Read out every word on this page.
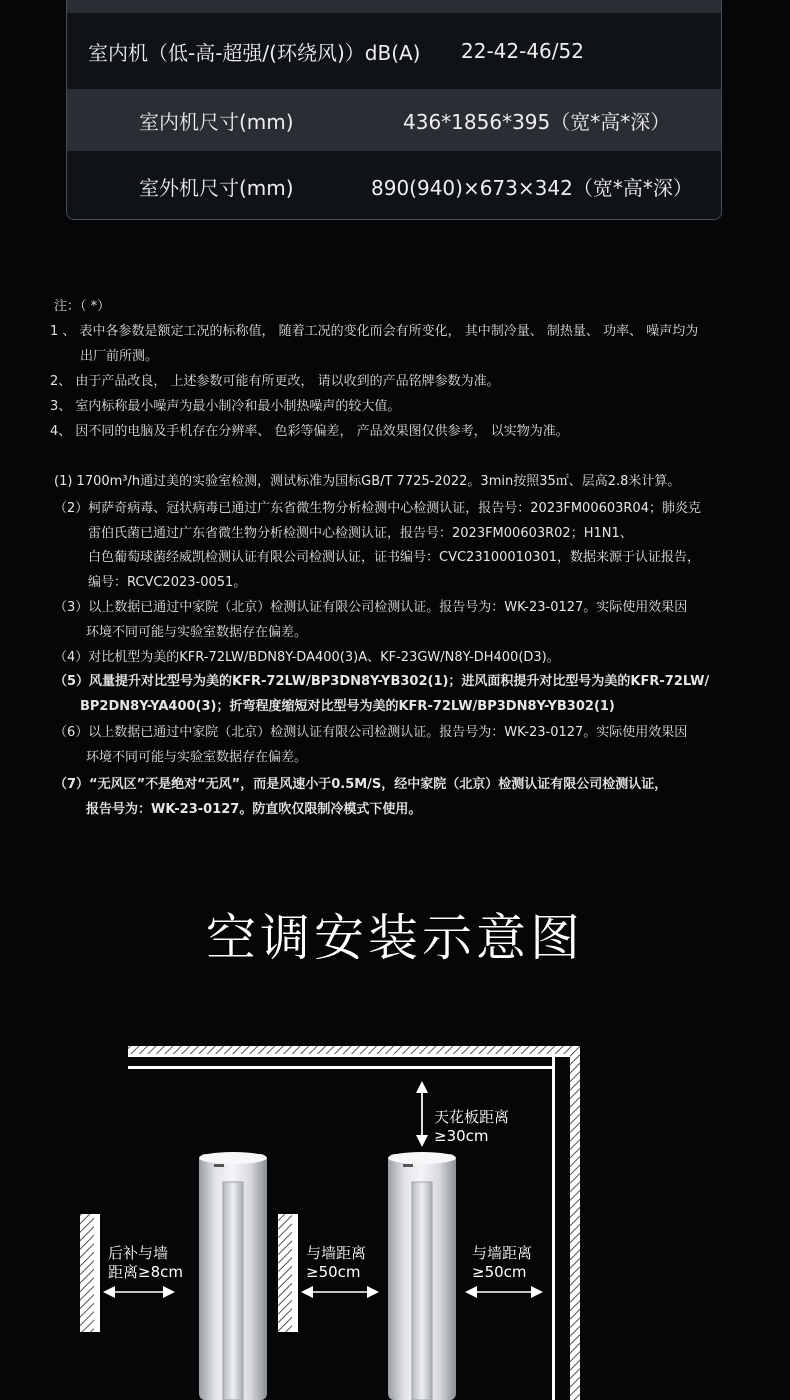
室内机（低-高-超强/(环绕风)）dB(A) 22-42-46/52
室内机尺寸(mm)	436*1856*395（宽*高*深）
室外机尺寸(mm)	890(940)×673×342（宽*高*深）
注：（ *）
1 、 表中各参数是额定工况的标称值， 随着工况的变化而会有所变化， 其中制冷量、 制热量、 功率、 噪声均为
出厂前所测。
2、 由于产品改良， 上述参数可能有所更改， 请以收到的产品铭牌参数为准。
3、 室内标称最小噪声为最小制冷和最小制热噪声的较大值。
4、 因不同的电脑及手机存在分辨率、 色彩等偏差， 产品效果图仅供参考， 以实物为准。
(1) 1700m³/h通过美的实验室检测，测试标准为国标GB/T 7725-2022。3min按照35㎡、层高2.8米计算。
（2）柯萨奇病毒、冠状病毒已通过广东省微生物分析检测中心检测认证，报告号：2023FM00603R04；肺炎克
雷伯氏菌已通过广东省微生物分析检测中心检测认证，报告号：2023FM00603R02；H1N1、
白色葡萄球菌经威凯检测认证有限公司检测认证，证书编号：CVC23100010301，数据来源于认证报告，
编号：RCVC2023-0051。
（3）以上数据已通过中家院（北京）检测认证有限公司检测认证。报告号为：WK-23-0127。实际使用效果因
环境不同可能与实验室数据存在偏差。
（4）对比机型为美的KFR-72LW/BDN8Y-DA400(3)A、KF-23GW/N8Y-DH400(D3)。
（5）风量提升对比型号为美的KFR-72LW/BP3DN8Y-YB302(1)；进风面积提升对比型号为美的KFR-72LW/
BP2DN8Y-YA400(3)；折弯程度缩短对比型号为美的KFR-72LW/BP3DN8Y-YB302(1)
（6）以上数据已通过中家院（北京）检测认证有限公司检测认证。报告号为：WK-23-0127。实际使用效果因
环境不同可能与实验室数据存在偏差。
（7）“无风区”不是绝对“无风”，而是风速小于0.5M/S，经中家院（北京）检测认证有限公司检测认证，
报告号为：WK-23-0127。防直吹仅限制冷模式下使用。
空调安装示意图
天花板距离
≥30cm
后补与墙
距离≥8cm
与墙距离
≥50cm
与墙距离
≥50cm
